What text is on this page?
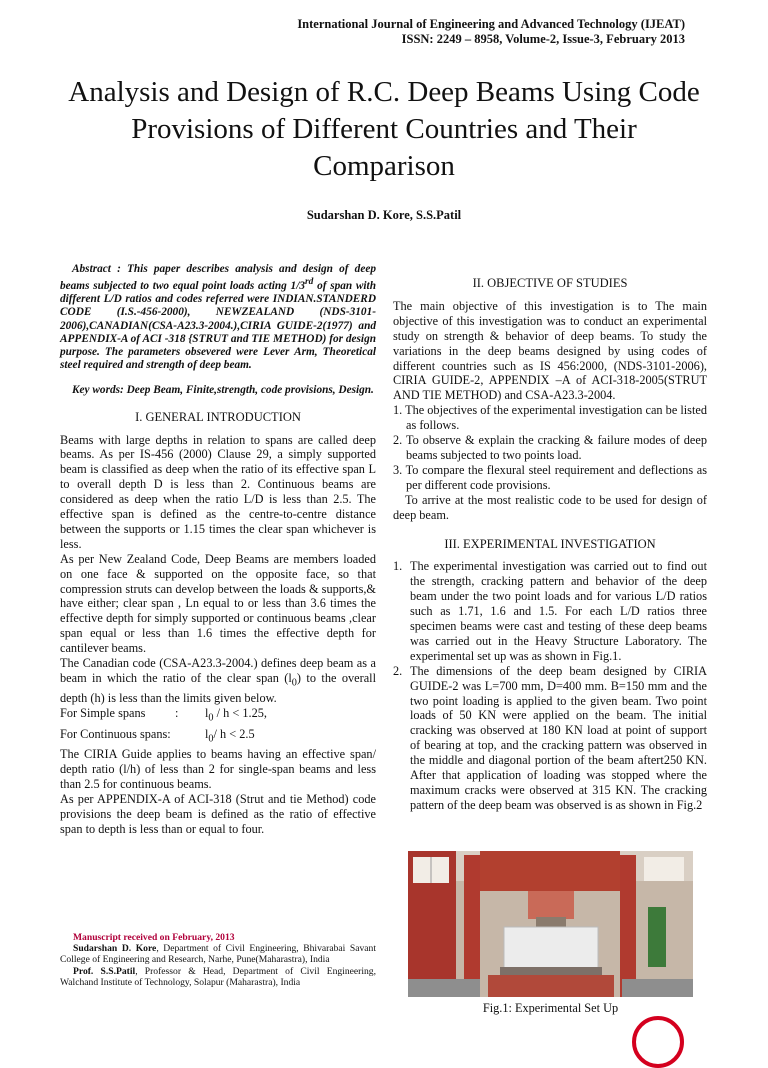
International Journal of Engineering and Advanced Technology (IJEAT)
ISSN: 2249 – 8958, Volume-2, Issue-3, February 2013
Analysis and Design of R.C. Deep Beams Using Code Provisions of Different Countries and Their Comparison
Sudarshan D. Kore, S.S.Patil

Abstract : This paper describes analysis and design of deep beams subjected to two equal point loads acting 1/3rd of span with different L/D ratios and codes referred were INDIAN.STANDERD CODE (I.S.-456-2000), NEWZEALAND (NDS-3101-2006),CANADIAN(CSA-A23.3-2004.),CIRIA GUIDE-2(1977) and APPENDIX-A of ACI -318 {STRUT and TIE METHOD) for design purpose. The parameters obsevered were Lever Arm, Theoretical steel required and strength of deep beam.

Key words: Deep Beam, Finite,strength, code provisions, Design.

I. GENERAL INTRODUCTION

Beams with large depths in relation to spans are called deep beams. As per IS-456 (2000) Clause 29, a simply supported beam is classified as deep when the ratio of its effective span L to overall depth D is less than 2. Continuous beams are considered as deep when the ratio L/D is less than 2.5. The effective span is defined as the centre-to-centre distance between the supports or 1.15 times the clear span whichever is less.

As per New Zealand Code, Deep Beams are members loaded on one face & supported on the opposite face, so that compression struts can develop between the loads & supports,& have either; clear span , Ln equal to or less than 3.6 times the effective depth for simply supported or continuous beams ,clear span equal or less than 1.6 times the effective depth for cantilever beams.

The Canadian code (CSA-A23.3-2004.) defines deep beam as a beam in which the ratio of the clear span $(l_0)$ to the overall depth (h) is less than the limits given below.

For Simple spans	:	$l_0 / h < 1.25$,
For Continuous spans:	$l_0/$ h < 2.5

The CIRIA Guide applies to beams having an effective span/ depth ratio (l/h) of less than 2 for single-span beams and less than 2.5 for continuous beams.

As per APPENDIX-A of ACI-318 (Strut and tie Method) code provisions the deep beam is defined as the ratio of effective span to depth is less than or equal to four.

Manuscript received on February, 2013

Sudarshan D. Kore, Department of Civil Engineering, Bhivarabai Savant College of Engineering and Research, Narhe, Pune(Maharastra), India

Prof. S.S.Patil, Professor & Head, Department of Civil Engineering, Walchand Institute of Technology, Solapur (Maharastra), India

II. OBJECTIVE OF STUDIES

The main objective of this investigation is to The main objective of this investigation was to conduct an experimental study on strength & behavior of deep beams. To study the variations in the deep beams designed by using codes of different countries such as IS 456:2000, (NDS-3101-2006), CIRIA GUIDE-2, APPENDIX –A of ACI-318-2005(STRUT AND TIE METHOD) and CSA-A23.3-2004.

1. The objectives of the experimental investigation can be listed as follows.

2. To observe & explain the cracking & failure modes of deep beams subjected to two points load.

3. To compare the flexural steel requirement and deflections as per different code provisions.

To arrive at the most realistic code to be used for design of deep beam.

III. EXPERIMENTAL INVESTIGATION
1. The experimental investigation was carried out to find out the strength, cracking pattern and behavior of the deep beam under the two point loads and for various L/D ratios such as 1.71, 1.6 and 1.5. For each L/D ratios three specimen beams were cast and testing of these deep beams was carried out in the Heavy Structure Laboratory. The experimental set up was as shown in Fig.1.
2. The dimensions of the deep beam designed by CIRIA GUIDE-2 was L=700 mm, D=400 mm. B=150 mm and the two point loading is applied to the given beam. Two point loads of 50 KN were applied on the beam. The initial cracking was observed at 180 KN load at point of support of bearing at top, and the cracking pattern was observed in the middle and diagonal portion of the beam aftert250 KN. After that application of loading was stopped where the maximum cracks were observed at 315 KN. The cracking pattern of the deep beam was observed is as shown in Fig.2
Fig.1: Experimental Set Up
